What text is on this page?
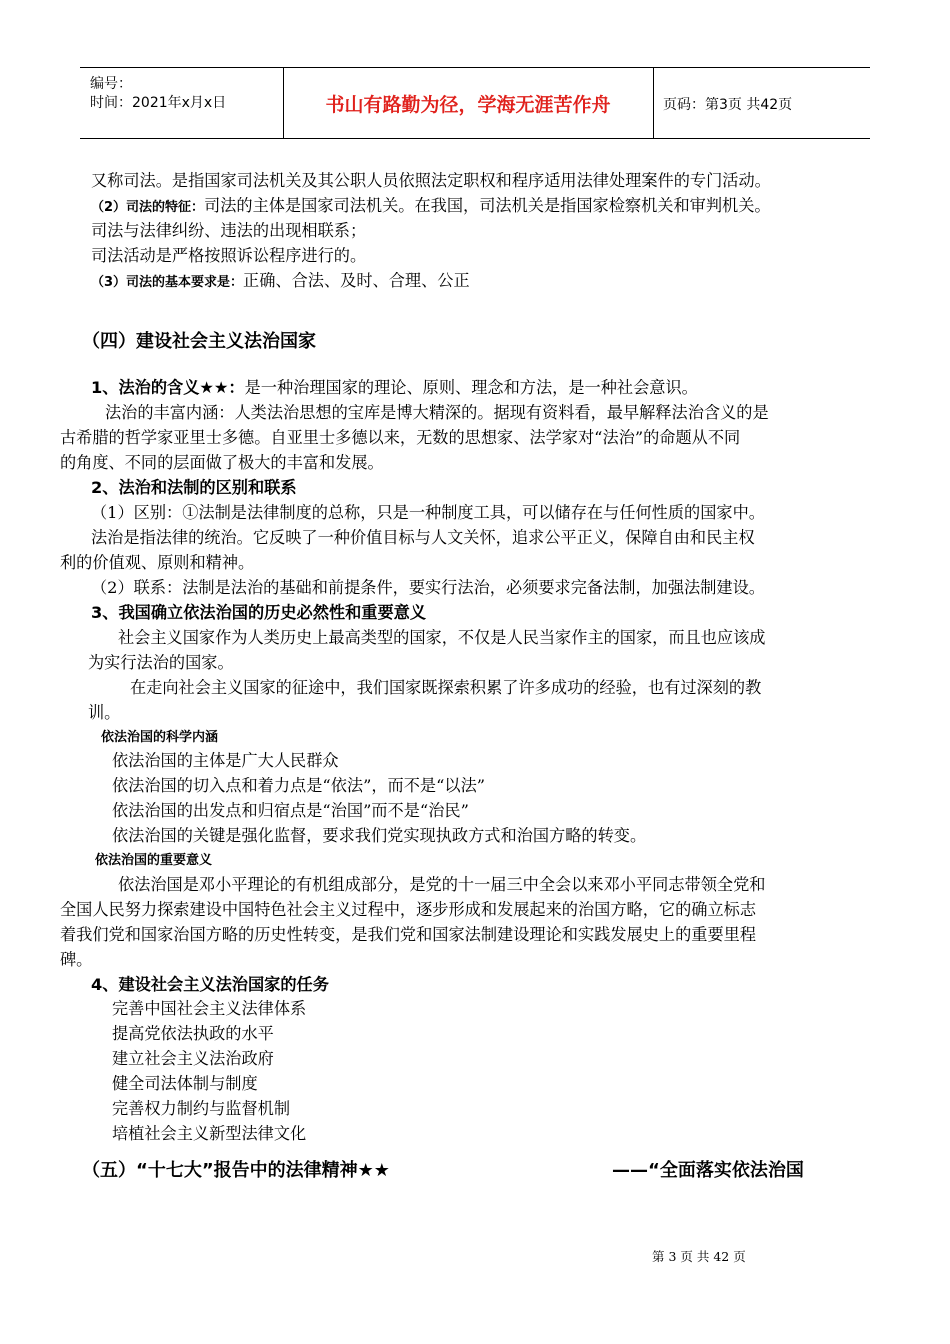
编号：
时间：2021年x月x日	书山有路勤为径，学海无涯苦作舟	页码：第3页 共42页
又称司法。是指国家司法机关及其公职人员依照法定职权和程序适用法律处理案件的专门活动。
（2）司法的特征：司法的主体是国家司法机关。在我国，司法机关是指国家检察机关和审判机关。
司法与法律纠纷、违法的出现相联系；
司法活动是严格按照诉讼程序进行的。
（3）司法的基本要求是：正确、合法、及时、合理、公正
（四）建设社会主义法治国家
1、法治的含义★★：是一种治理国家的理论、原则、理念和方法，是一种社会意识。
法治的丰富内涵：人类法治思想的宝库是博大精深的。据现有资料看，最早解释法治含义的是
古希腊的哲学家亚里士多德。自亚里士多德以来，无数的思想家、法学家对“法治”的命题从不同
的角度、不同的层面做了极大的丰富和发展。
2、法治和法制的区别和联系
（1）区别：①法制是法律制度的总称，只是一种制度工具，可以储存在与任何性质的国家中。
法治是指法律的统治。它反映了一种价值目标与人文关怀，追求公平正义，保障自由和民主权
利的价值观、原则和精神。
（2）联系：法制是法治的基础和前提条件，要实行法治，必须要求完备法制，加强法制建设。
3、我国确立依法治国的历史必然性和重要意义
社会主义国家作为人类历史上最高类型的国家，不仅是人民当家作主的国家，而且也应该成
为实行法治的国家。
在走向社会主义国家的征途中，我们国家既探索积累了许多成功的经验，也有过深刻的教
训。
依法治国的科学内涵
依法治国的主体是广大人民群众
依法治国的切入点和着力点是“依法”，而不是“以法”
依法治国的出发点和归宿点是“治国”而不是“治民”
依法治国的关键是强化监督，要求我们党实现执政方式和治国方略的转变。
依法治国的重要意义
依法治国是邓小平理论的有机组成部分，是党的十一届三中全会以来邓小平同志带领全党和
全国人民努力探索建设中国特色社会主义过程中，逐步形成和发展起来的治国方略，它的确立标志
着我们党和国家治国方略的历史性转变，是我们党和国家法制建设理论和实践发展史上的重要里程
碑。
4、建设社会主义法治国家的任务
完善中国社会主义法律体系
提高党依法执政的水平
建立社会主义法治政府
健全司法体制与制度
完善权力制约与监督机制
培植社会主义新型法律文化
（五）“十七大”报告中的法律精神★★	——“全面落实依法治国
第 3 页 共 42 页
